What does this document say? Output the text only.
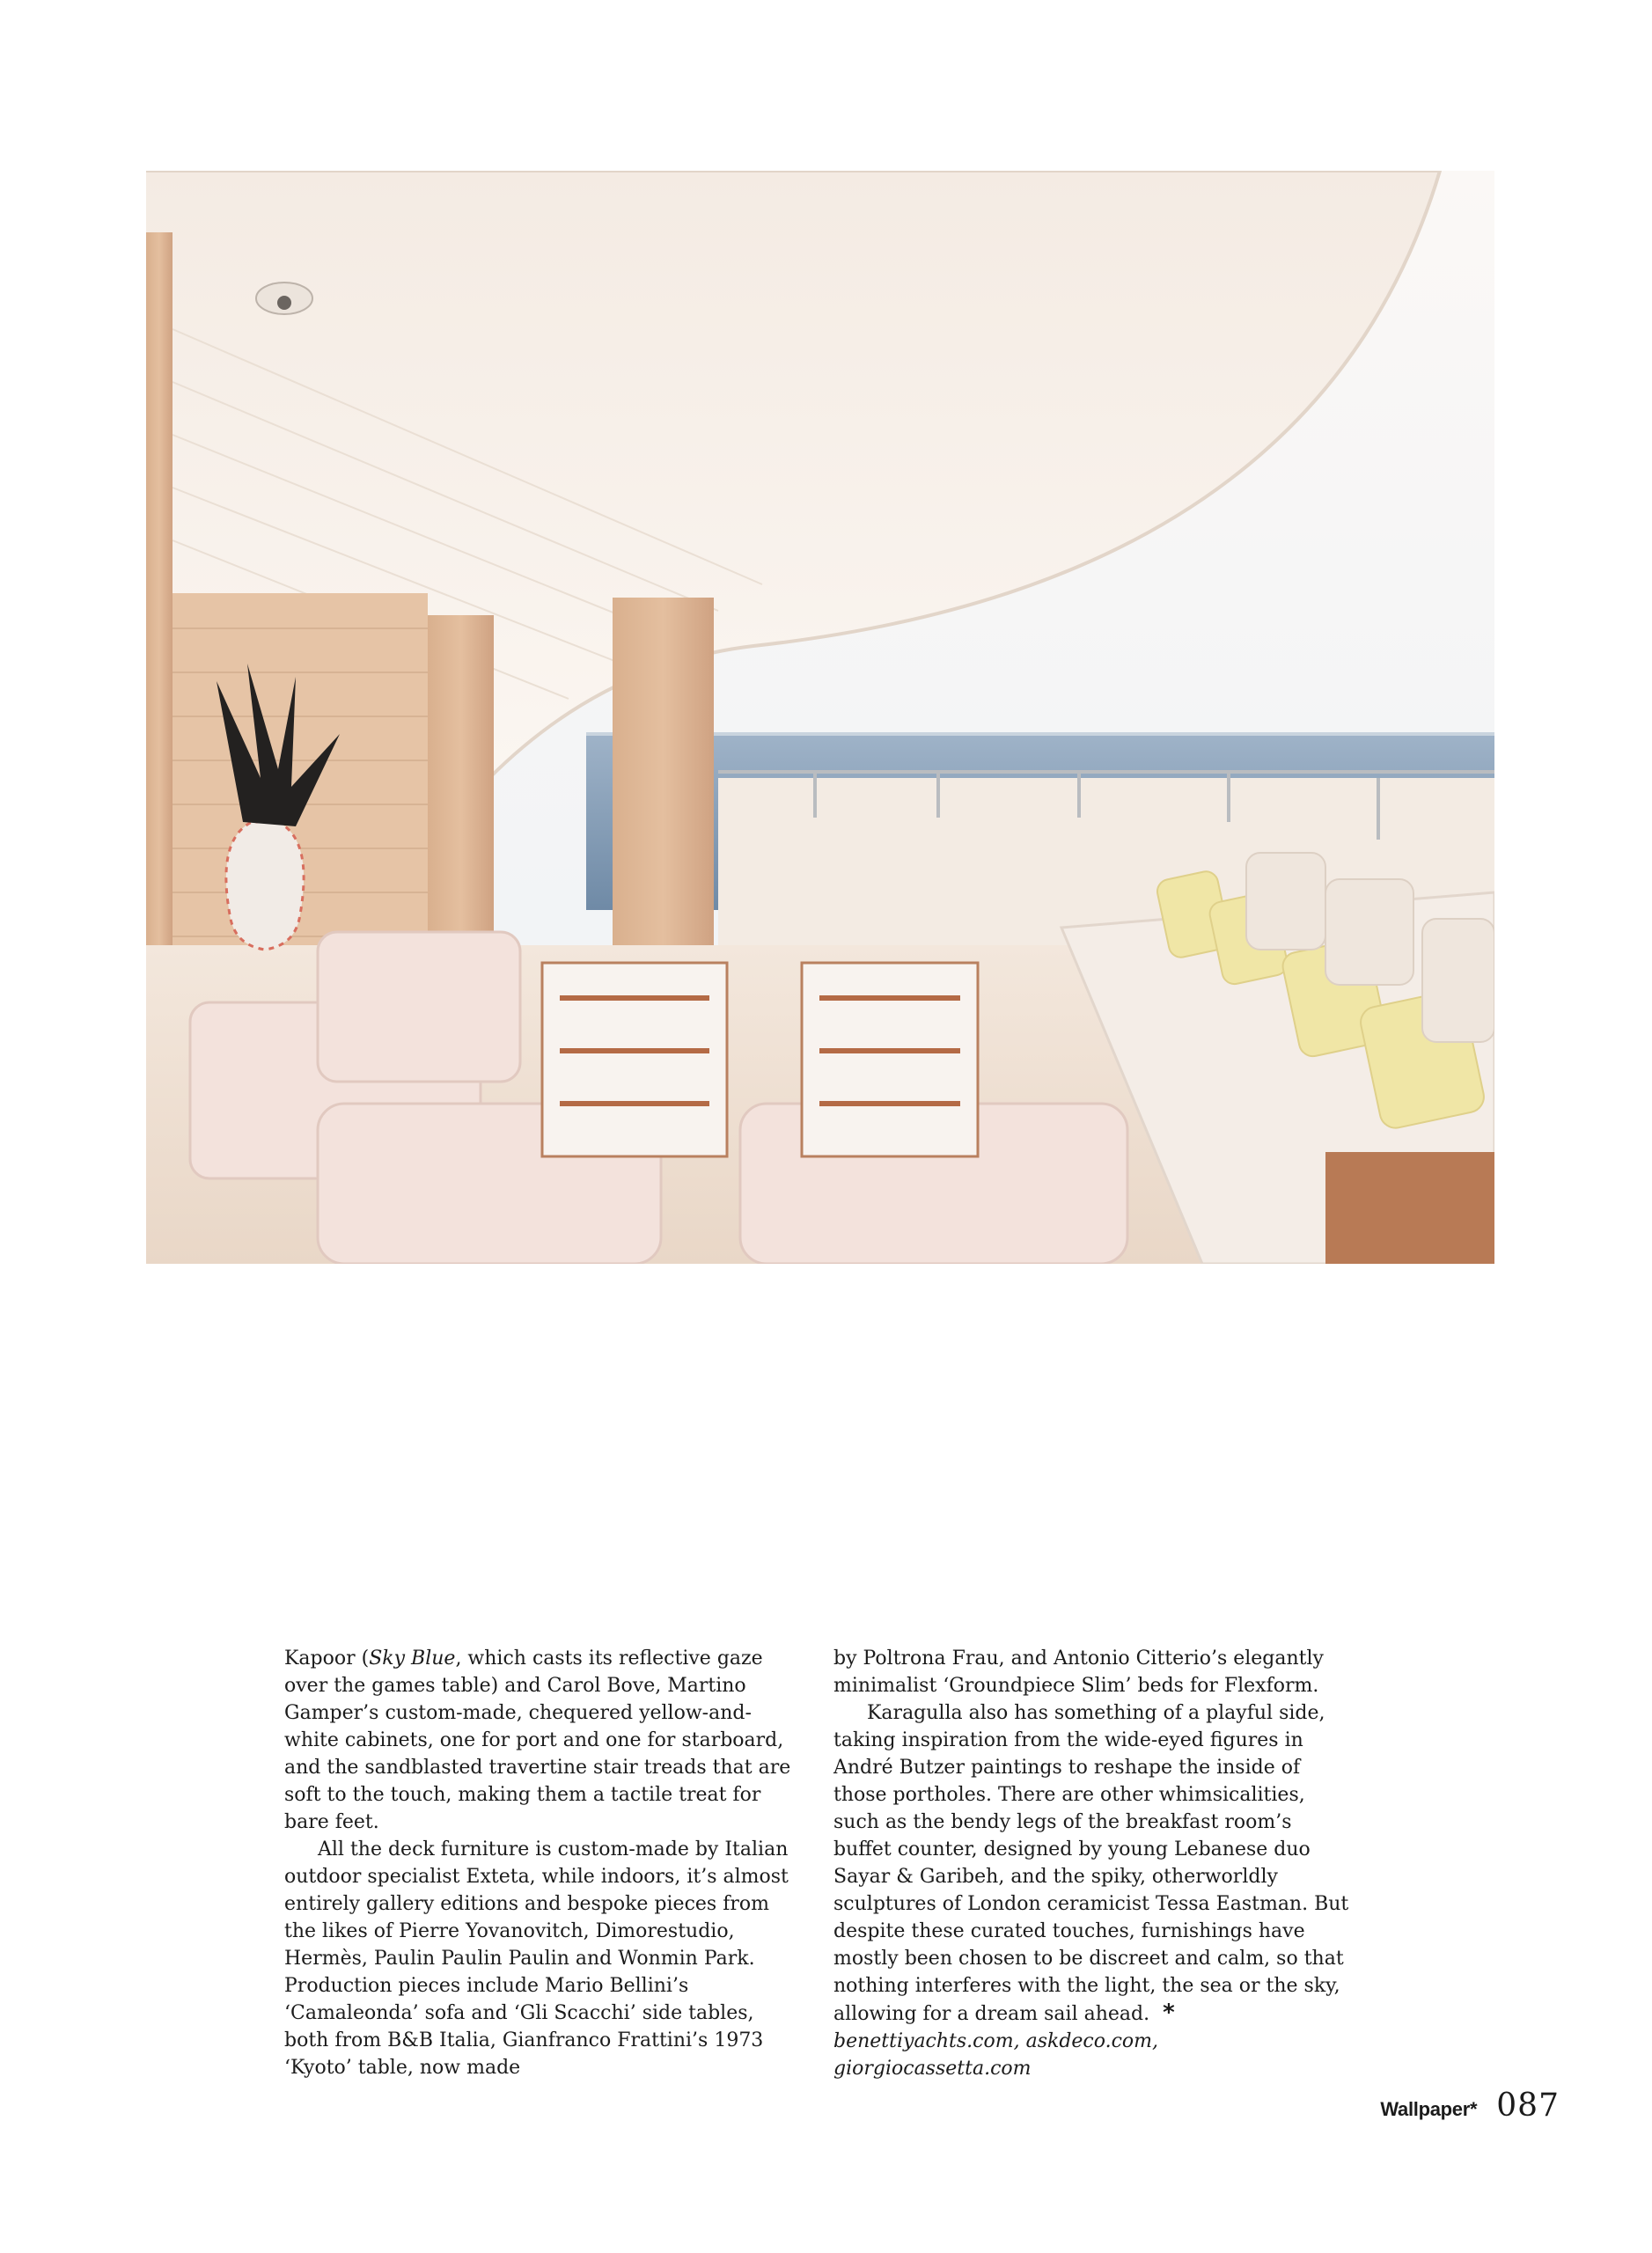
Kapoor (Sky Blue, which casts its reflective gaze over the games table) and Carol Bove, Martino Gamper’s custom-made, chequered yellow-and-white cabinets, one for port and one for starboard, and the sandblasted travertine stair treads that are soft to the touch, making them a tactile treat for bare feet.

All the deck furniture is custom-made by Italian outdoor specialist Exteta, while indoors, it’s almost entirely gallery editions and bespoke pieces from the likes of Pierre Yovanovitch, Dimorestudio, Hermès, Paulin Paulin Paulin and Wonmin Park. Production pieces include Mario Bellini’s ‘Camaleonda’ sofa and ‘Gli Scacchi’ side tables, both from B&B Italia, Gianfranco Frattini’s 1973 ‘Kyoto’ table, now made

by Poltrona Frau, and Antonio Citterio’s elegantly minimalist ‘Groundpiece Slim’ beds for Flexform.

Karagulla also has something of a playful side, taking inspiration from the wide-eyed figures in André Butzer paintings to reshape the inside of those portholes. There are other whimsicalities, such as the bendy legs of the breakfast room’s buffet counter, designed by young Lebanese duo Sayar & Garibeh, and the spiky, otherworldly sculptures of London ceramicist Tessa Eastman. But despite these curated touches, furnishings have mostly been chosen to be discreet and calm, so that nothing interferes with the light, the sea or the sky, allowing for a dream sail ahead. *

benettiyachts.com, askdeco.com, giorgiocassetta.com

Wallpaper* 087
